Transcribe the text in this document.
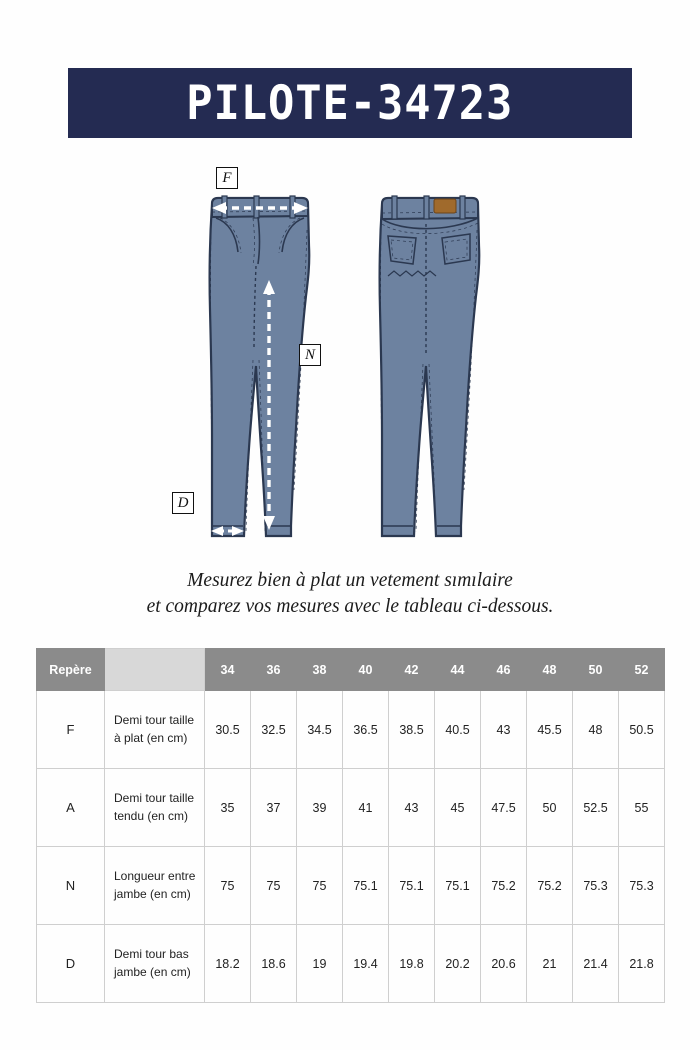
PILOTE-34723
F
N
D
Mesurez bien à plat un vetement sımılaire
et comparez vos mesures avec le tableau ci-dessous.
Repère		34	36	38	40	42	44	46	48	50	52
F	Demi tour taille à plat (en cm)	30.5	32.5	34.5	36.5	38.5	40.5	43	45.5	48	50.5
A	Demi tour taille tendu (en cm)	35	37	39	41	43	45	47.5	50	52.5	55
N	Longueur entre jambe (en cm)	75	75	75	75.1	75.1	75.1	75.2	75.2	75.3	75.3
D	Demi tour bas jambe (en cm)	18.2	18.6	19	19.4	19.8	20.2	20.6	21	21.4	21.8
